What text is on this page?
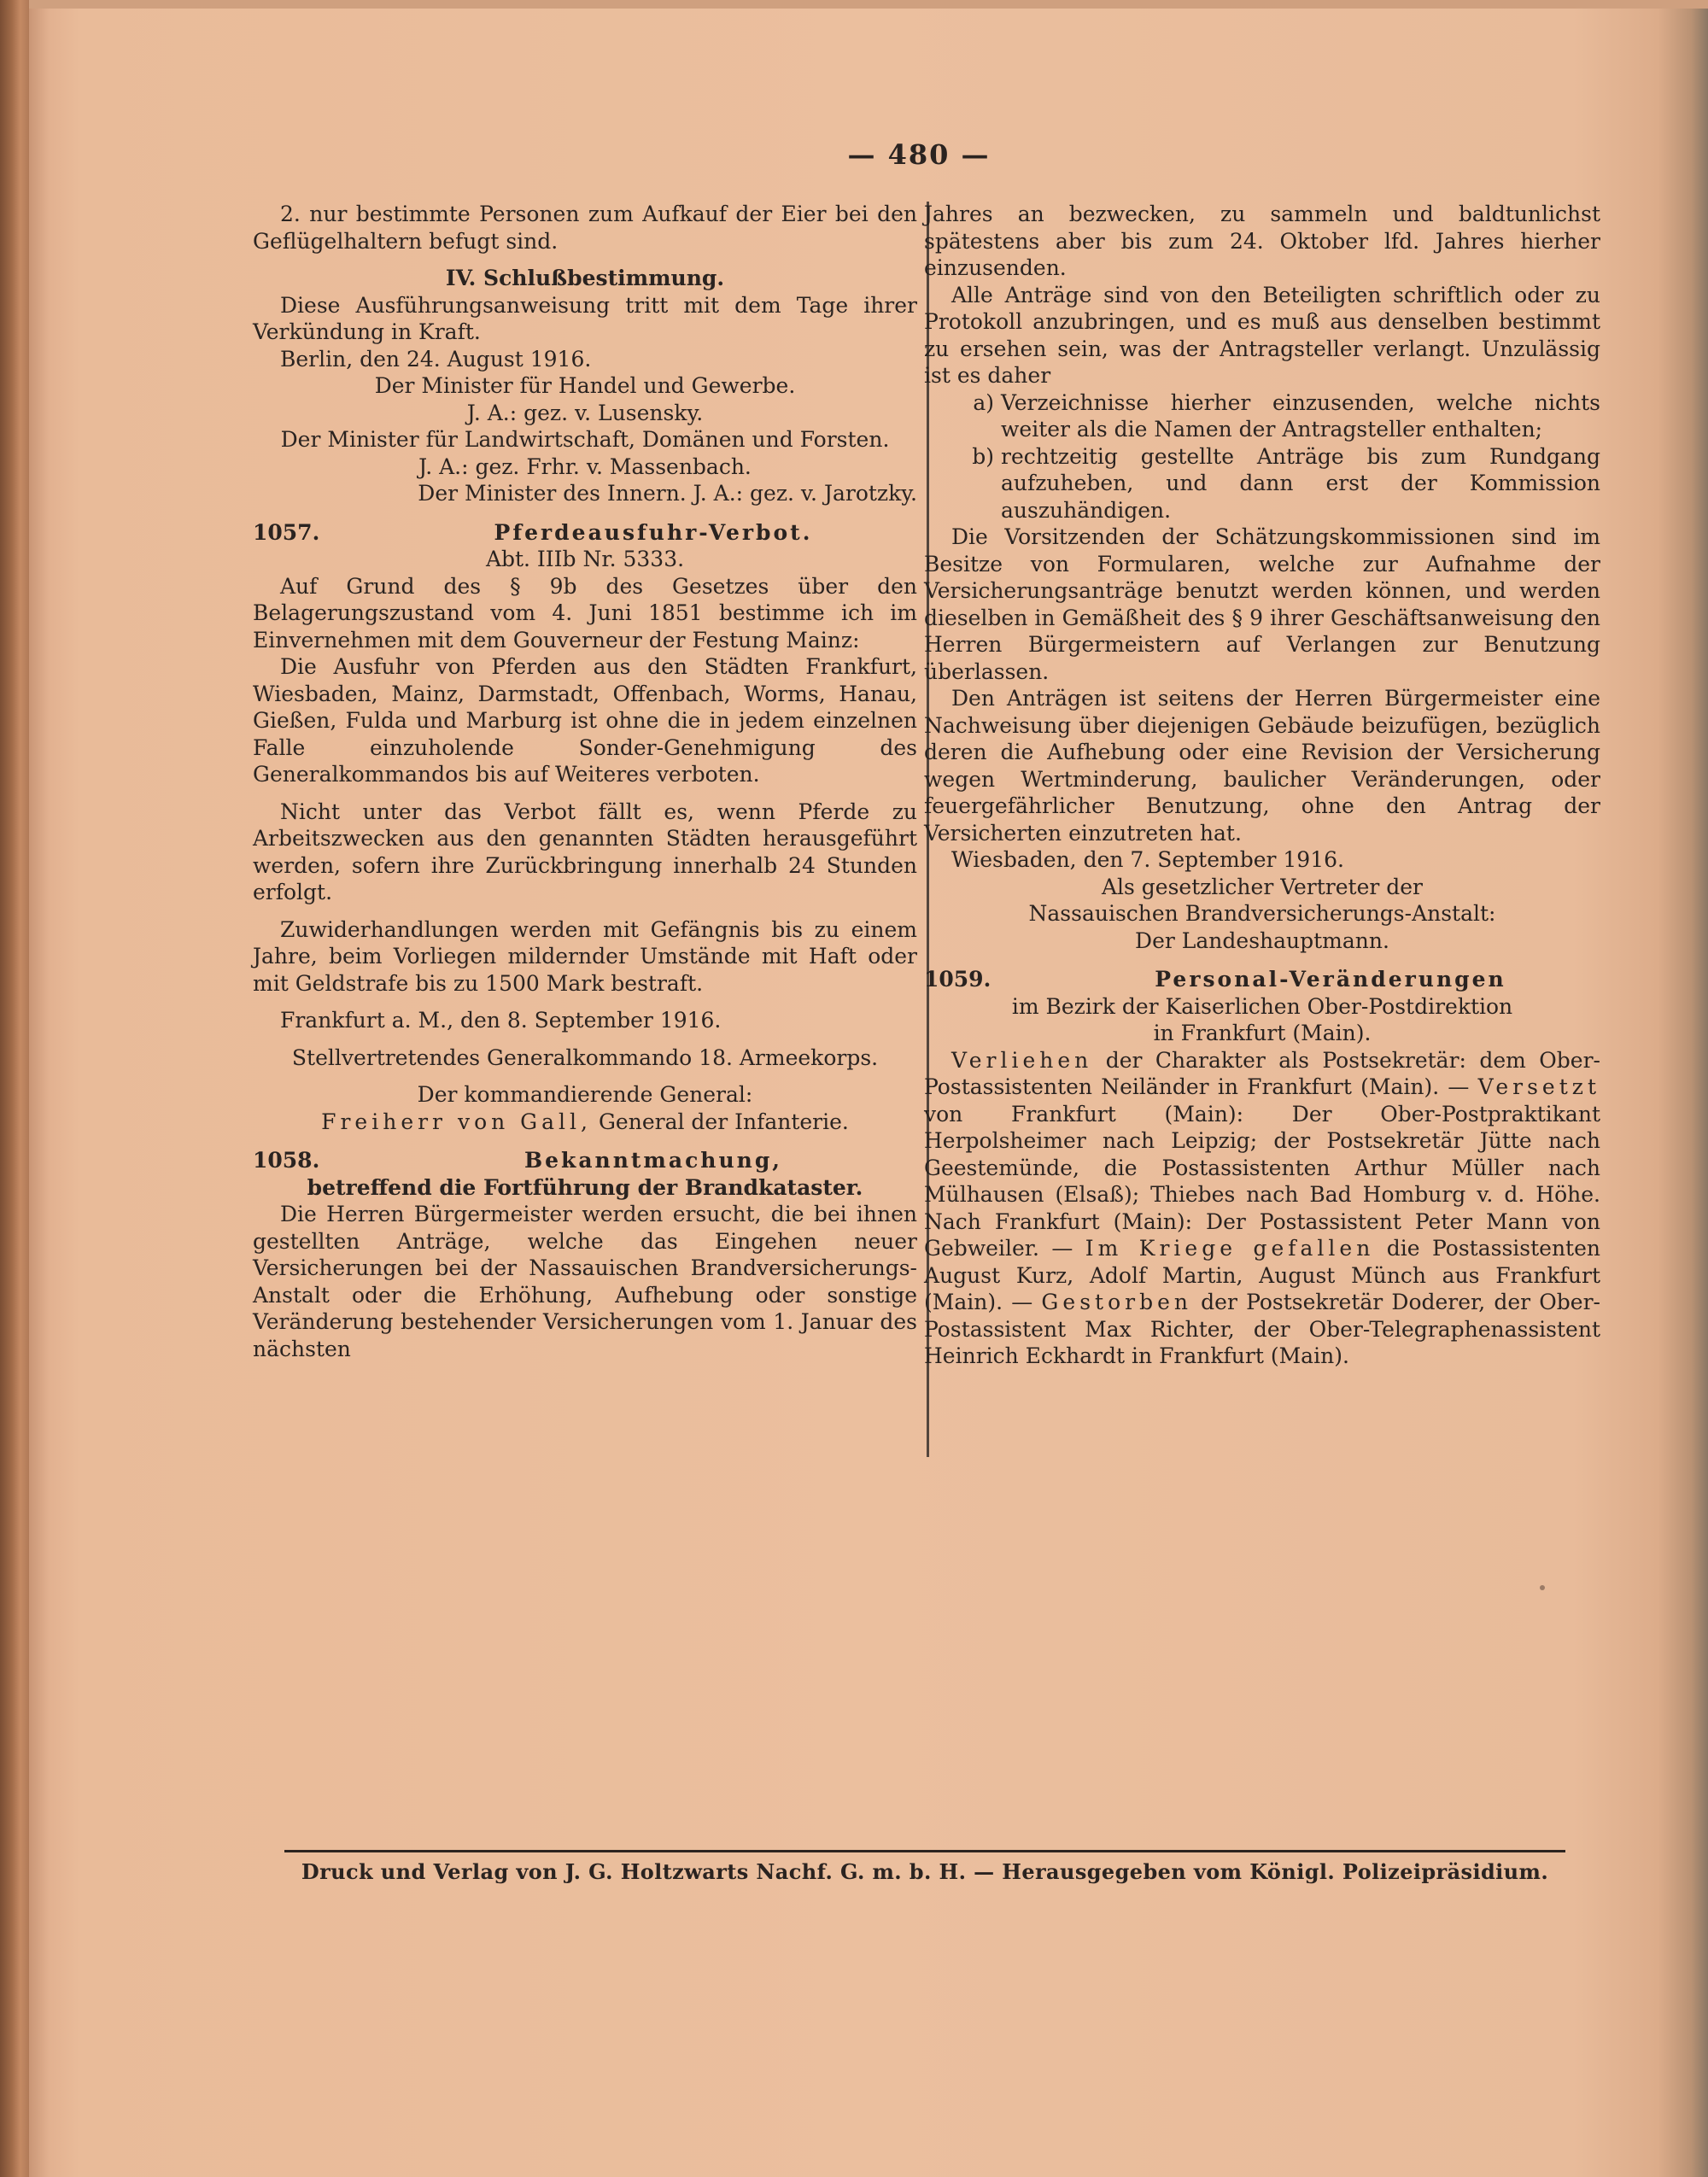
— 480 —

2. nur bestimmte Personen zum Aufkauf der Eier bei den Geflügelhaltern befugt sind.

IV. Schlußbestimmung.

Diese Ausführungsanweisung tritt mit dem Tage ihrer Verkündung in Kraft.

Berlin, den 24. August 1916.

Der Minister für Handel und Gewerbe.

J. A.: gez. v. Lusensky.

Der Minister für Landwirtschaft, Domänen und Forsten.

J. A.: gez. Frhr. v. Massenbach.

Der Minister des Innern. J. A.: gez. v. Jarotzky.

1057.	Pferdeausfuhr-Verbot.

Abt. IIIb Nr. 5333.

Auf Grund des § 9b des Gesetzes über den Belagerungszustand vom 4. Juni 1851 bestimme ich im Einvernehmen mit dem Gouverneur der Festung Mainz:

Die Ausfuhr von Pferden aus den Städten Frankfurt, Wiesbaden, Mainz, Darmstadt, Offenbach, Worms, Hanau, Gießen, Fulda und Marburg ist ohne die in jedem einzelnen Falle einzuholende Sonder-Genehmigung des Generalkommandos bis auf Weiteres verboten.

Nicht unter das Verbot fällt es, wenn Pferde zu Arbeitszwecken aus den genannten Städten herausgeführt werden, sofern ihre Zurückbringung innerhalb 24 Stunden erfolgt.

Zuwiderhandlungen werden mit Gefängnis bis zu einem Jahre, beim Vorliegen mildernder Umstände mit Haft oder mit Geldstrafe bis zu 1500 Mark bestraft.

Frankfurt a. M., den 8. September 1916.

Stellvertretendes Generalkommando 18. Armeekorps.

Der kommandierende General:

Freiherr von Gall, General der Infanterie.

1058.	Bekanntmachung,

betreffend die Fortführung der Brandkataster.

Die Herren Bürgermeister werden ersucht, die bei ihnen gestellten Anträge, welche das Eingehen neuer Versicherungen bei der Nassauischen Brandversicherungs-Anstalt oder die Erhöhung, Aufhebung oder sonstige Veränderung bestehender Versicherungen vom 1. Januar des nächsten

Jahres an bezwecken, zu sammeln und baldtunlichst spätestens aber bis zum 24. Oktober lfd. Jahres hierher einzusenden.

Alle Anträge sind von den Beteiligten schriftlich oder zu Protokoll anzubringen, und es muß aus denselben bestimmt zu ersehen sein, was der Antragsteller verlangt. Unzulässig ist es daher

a) Verzeichnisse hierher einzusenden, welche nichts weiter als die Namen der Antragsteller enthalten;
b) rechtzeitig gestellte Anträge bis zum Rundgang aufzuheben, und dann erst der Kommission auszuhändigen.

Die Vorsitzenden der Schätzungskommissionen sind im Besitze von Formularen, welche zur Aufnahme der Versicherungsanträge benutzt werden können, und werden dieselben in Gemäßheit des § 9 ihrer Geschäftsanweisung den Herren Bürgermeistern auf Verlangen zur Benutzung überlassen.

Den Anträgen ist seitens der Herren Bürgermeister eine Nachweisung über diejenigen Gebäude beizufügen, bezüglich deren die Aufhebung oder eine Revision der Versicherung wegen Wertminderung, baulicher Veränderungen, oder feuergefährlicher Benutzung, ohne den Antrag der Versicherten einzutreten hat.

Wiesbaden, den 7. September 1916.

Als gesetzlicher Vertreter der

Nassauischen Brandversicherungs-Anstalt:

Der Landeshauptmann.

1059.	Personal-Veränderungen

im Bezirk der Kaiserlichen Ober-Postdirektion

in Frankfurt (Main).

Verliehen der Charakter als Postsekretär: dem Ober-Postassistenten Neiländer in Frankfurt (Main). — Versetzt von Frankfurt (Main): Der Ober-Postpraktikant Herpolsheimer nach Leipzig; der Postsekretär Jütte nach Geestemünde, die Postassistenten Arthur Müller nach Mülhausen (Elsaß); Thiebes nach Bad Homburg v. d. Höhe. Nach Frankfurt (Main): Der Postassistent Peter Mann von Gebweiler. — Im Kriege gefallen die Postassistenten August Kurz, Adolf Martin, August Münch aus Frankfurt (Main). — Gestorben der Postsekretär Doderer, der Ober-Postassistent Max Richter, der Ober-Telegraphenassistent Heinrich Eckhardt in Frankfurt (Main).

Druck und Verlag von J. G. Holtzwarts Nachf. G. m. b. H. — Herausgegeben vom Königl. Polizeipräsidium.
